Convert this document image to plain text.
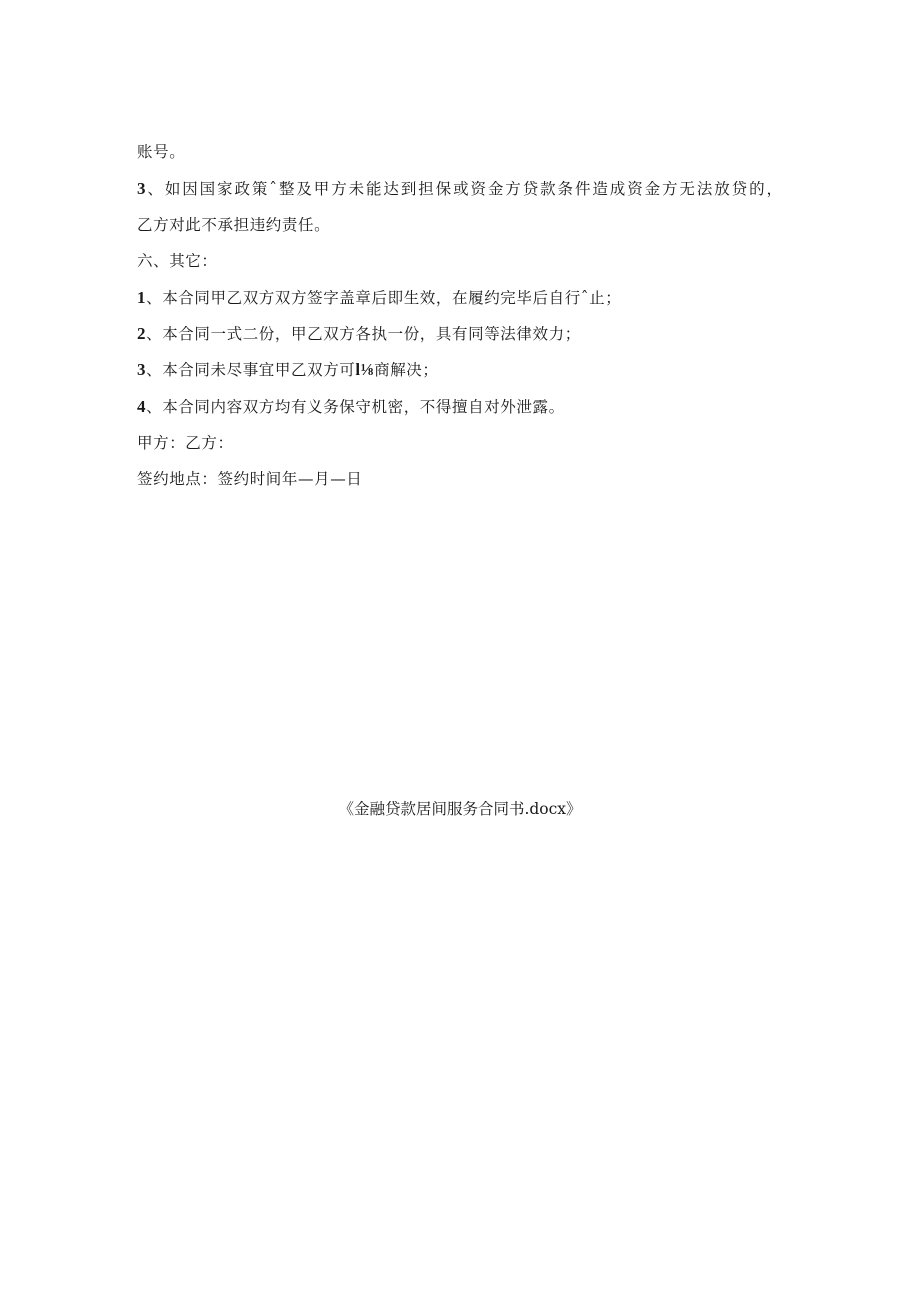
账号。
3、如因国家政策ˆ整及甲方未能达到担保或资金方贷款条件造成资金方无法放贷的，
乙方对此不承担违约责任。
六、其它：
1、本合同甲乙双方双方签字盖章后即生效，在履约完毕后自行ˆ止；
2、本合同一式二份，甲乙双方各执一份，具有同等法律效力；
3、本合同未尽事宜甲乙双方可l⅛商解决；
4、本合同内容双方均有义务保守机密，不得擅自对外泄露。
甲方：乙方：
签约地点：签约时间年—月—日
《金融贷款居间服务合同书.docx》
